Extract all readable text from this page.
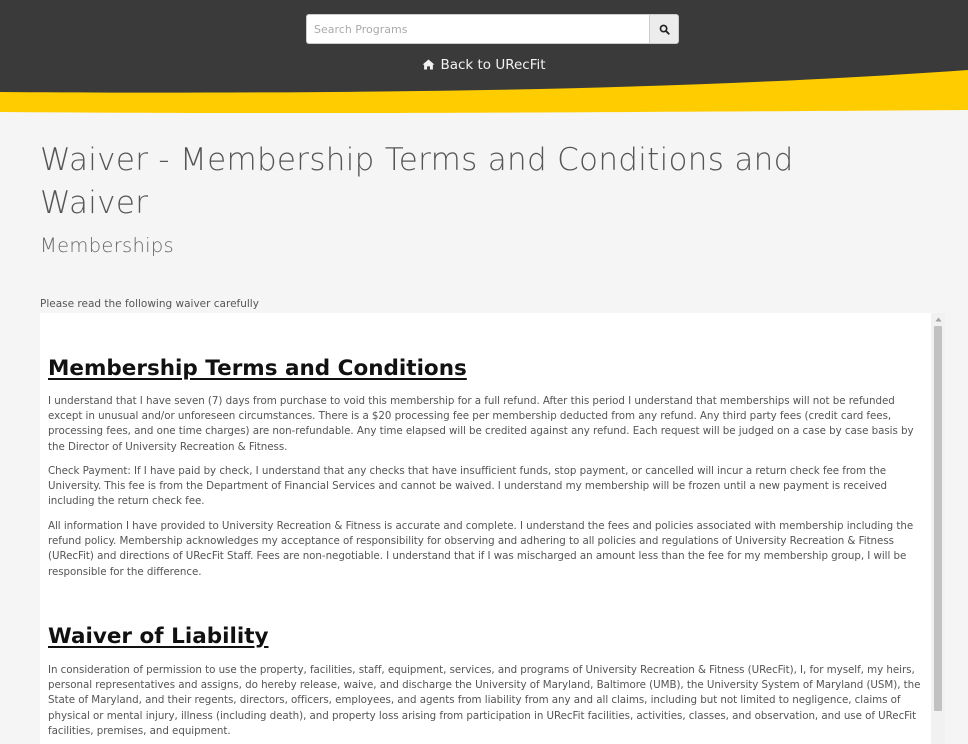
Search Programs
Back to URecFit
Waiver - Membership Terms and Conditions and Waiver
Memberships
Please read the following waiver carefully
Membership Terms and Conditions

I understand that I have seven (7) days from purchase to void this membership for a full refund. After this period I understand that memberships will not be refunded except in unusual and/or unforeseen circumstances. There is a $20 processing fee per membership deducted from any refund. Any third party fees (credit card fees, processing fees, and one time charges) are non-refundable. Any time elapsed will be credited against any refund. Each request will be judged on a case by case basis by the Director of University Recreation & Fitness.

Check Payment: If I have paid by check, I understand that any checks that have insufficient funds, stop payment, or cancelled will incur a return check fee from the University. This fee is from the Department of Financial Services and cannot be waived. I understand my membership will be frozen until a new payment is received including the return check fee.

All information I have provided to University Recreation & Fitness is accurate and complete. I understand the fees and policies associated with membership including the refund policy. Membership acknowledges my acceptance of responsibility for observing and adhering to all policies and regulations of University Recreation & Fitness (URecFit) and directions of URecFit Staff. Fees are non-negotiable. I understand that if I was mischarged an amount less than the fee for my membership group, I will be responsible for the difference.

Waiver of Liability

In consideration of permission to use the property, facilities, staff, equipment, services, and programs of University Recreation & Fitness (URecFit), I, for myself, my heirs, personal representatives and assigns, do hereby release, waive, and discharge the University of Maryland, Baltimore (UMB), the University System of Maryland (USM), the State of Maryland, and their regents, directors, officers, employees, and agents from liability from any and all claims, including but not limited to negligence, claims of physical or mental injury, illness (including death), and property loss arising from participation in URecFit facilities, activities, classes, and observation, and use of URecFit facilities, premises, and equipment.
